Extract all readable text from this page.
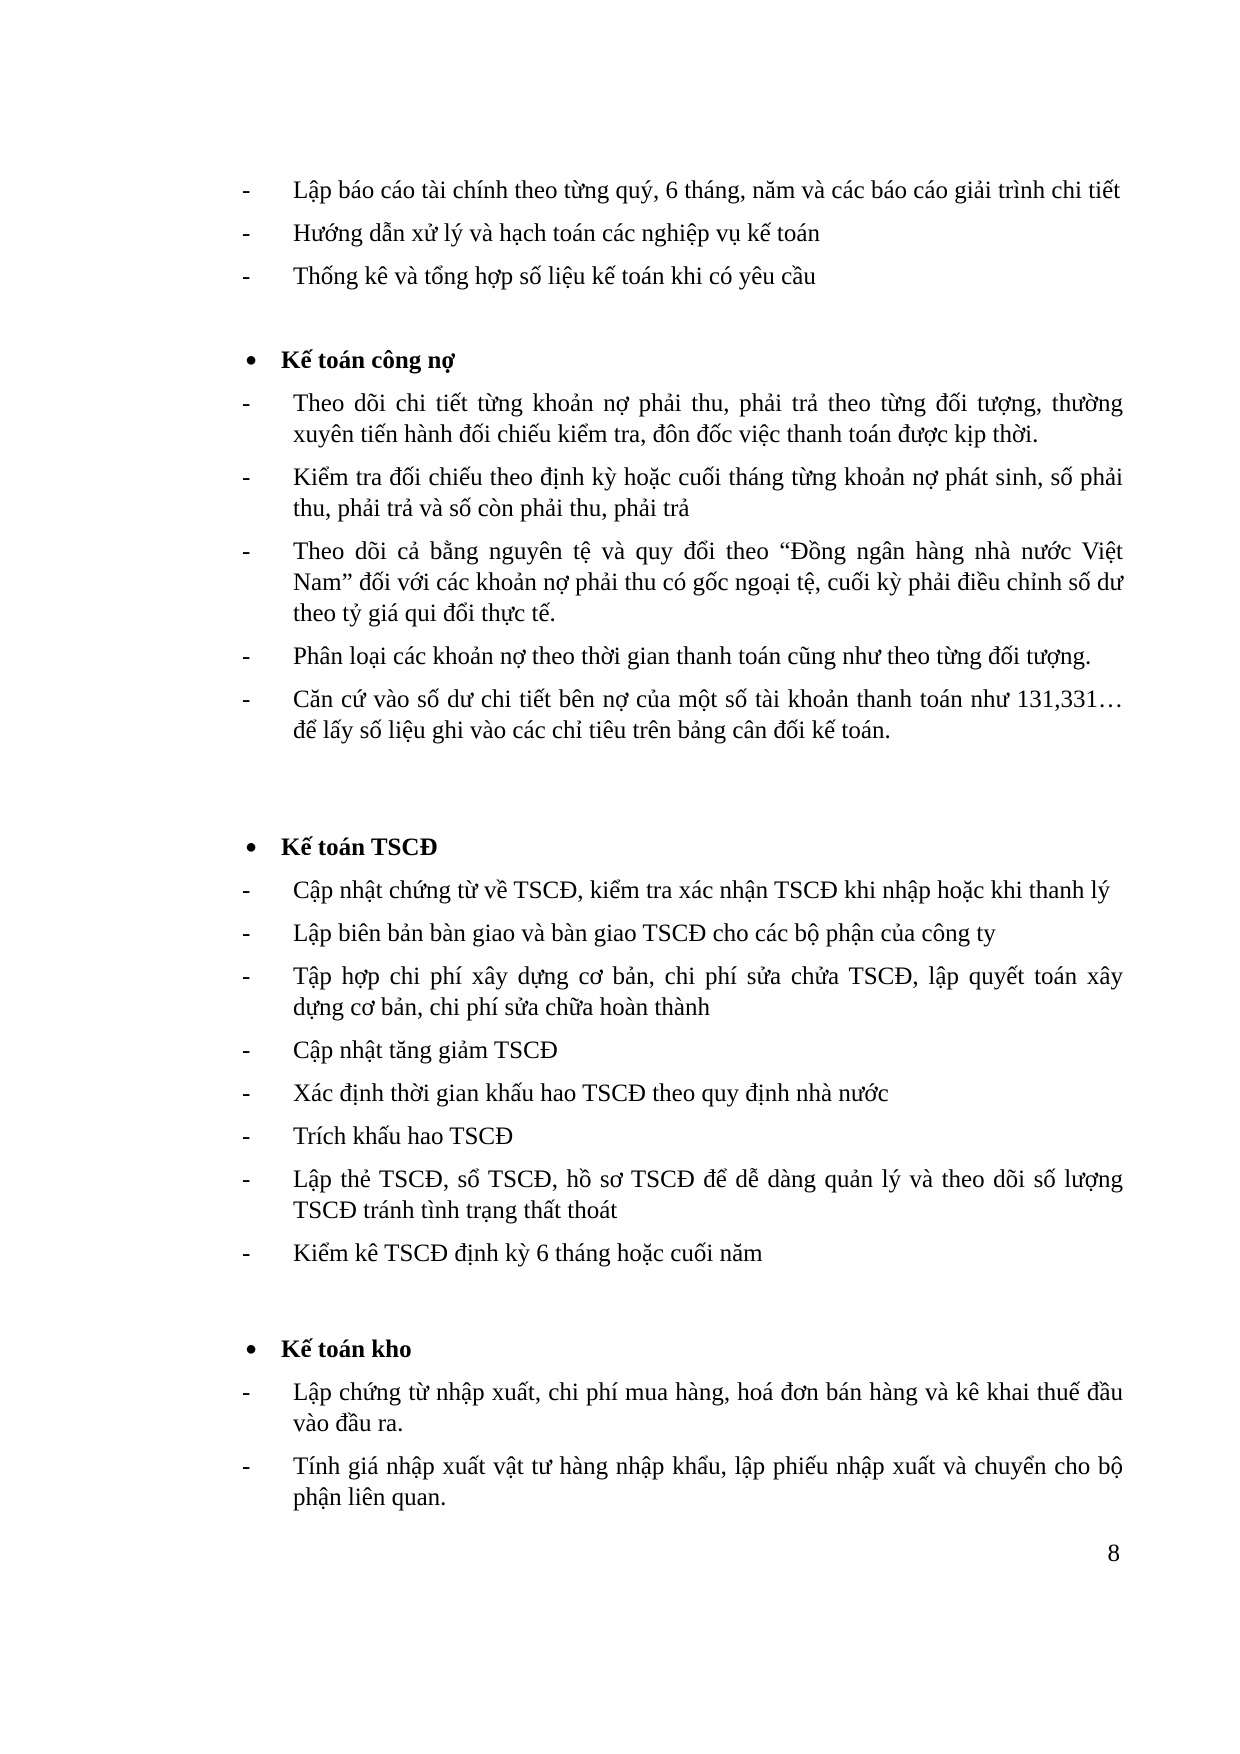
- Lập báo cáo tài chính theo từng quý, 6 tháng, năm và các báo cáo giải trình chi tiết
- Hướng dẫn xử lý và hạch toán các nghiệp vụ kế toán
- Thống kê và tổng hợp số liệu kế toán khi có yêu cầu
● Kế toán công nợ
- Theo dõi chi tiết từng khoản nợ phải thu, phải trả theo từng đối tượng, thường xuyên tiến hành đối chiếu kiểm tra, đôn đốc việc thanh toán được kịp thời.
- Kiểm tra đối chiếu theo định kỳ hoặc cuối tháng từng khoản nợ phát sinh, số phải thu, phải trả và số còn phải thu, phải trả
- Theo dõi cả bằng nguyên tệ và quy đổi theo “Đồng ngân hàng nhà nước Việt Nam” đối với các khoản nợ phải thu có gốc ngoại tệ, cuối kỳ phải điều chỉnh số dư theo tỷ giá qui đổi thực tế.
- Phân loại các khoản nợ theo thời gian thanh toán cũng như theo từng đối tượng.
- Căn cứ vào số dư chi tiết bên nợ của một số tài khoản thanh toán như 131,331… để lấy số liệu ghi vào các chỉ tiêu trên bảng cân đối kế toán.
● Kế toán TSCĐ
- Cập nhật chứng từ về TSCĐ, kiểm tra xác nhận TSCĐ khi nhập hoặc khi thanh lý
- Lập biên bản bàn giao và bàn giao TSCĐ cho các bộ phận của công ty
- Tập hợp chi phí xây dựng cơ bản, chi phí sửa chửa TSCĐ, lập quyết toán xây dựng cơ bản, chi phí sửa chữa hoàn thành
- Cập nhật tăng giảm TSCĐ
- Xác định thời gian khấu hao TSCĐ theo quy định nhà nước
- Trích khấu hao TSCĐ
- Lập thẻ TSCĐ, sổ TSCĐ, hồ sơ TSCĐ để dễ dàng quản lý và theo dõi số lượng TSCĐ tránh tình trạng thất thoát
- Kiểm kê TSCĐ định kỳ 6 tháng hoặc cuối năm
● Kế toán kho
- Lập chứng từ nhập xuất, chi phí mua hàng, hoá đơn bán hàng và kê khai thuế đầu vào đầu ra.
- Tính giá nhập xuất vật tư hàng nhập khẩu, lập phiếu nhập xuất và chuyển cho bộ phận liên quan.
8
